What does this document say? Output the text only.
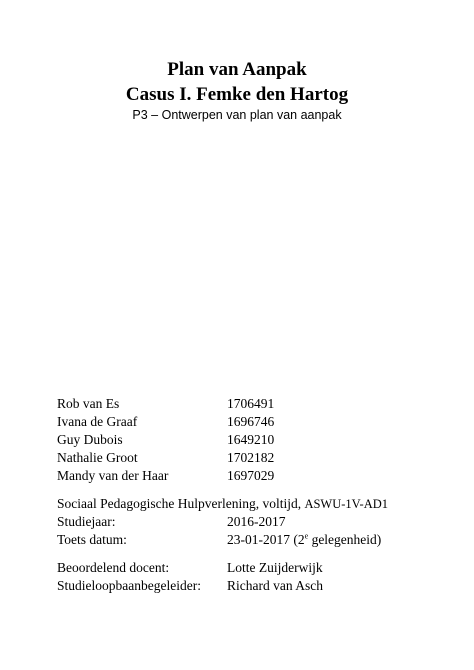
Plan van Aanpak
Casus I. Femke den Hartog
P3 – Ontwerpen van plan van aanpak
Rob van Es	1706491
Ivana de Graaf	1696746
Guy Dubois	1649210
Nathalie Groot	1702182
Mandy van der Haar	1697029
Sociaal Pedagogische Hulpverlening, voltijd, ASWU-1V-AD1
Studiejaar:	2016-2017
Toets datum:	23-01-2017 (2e gelegenheid)
Beoordelend docent:	Lotte Zuijderwijk
Studieloopbaanbegeleider: Richard van Asch
